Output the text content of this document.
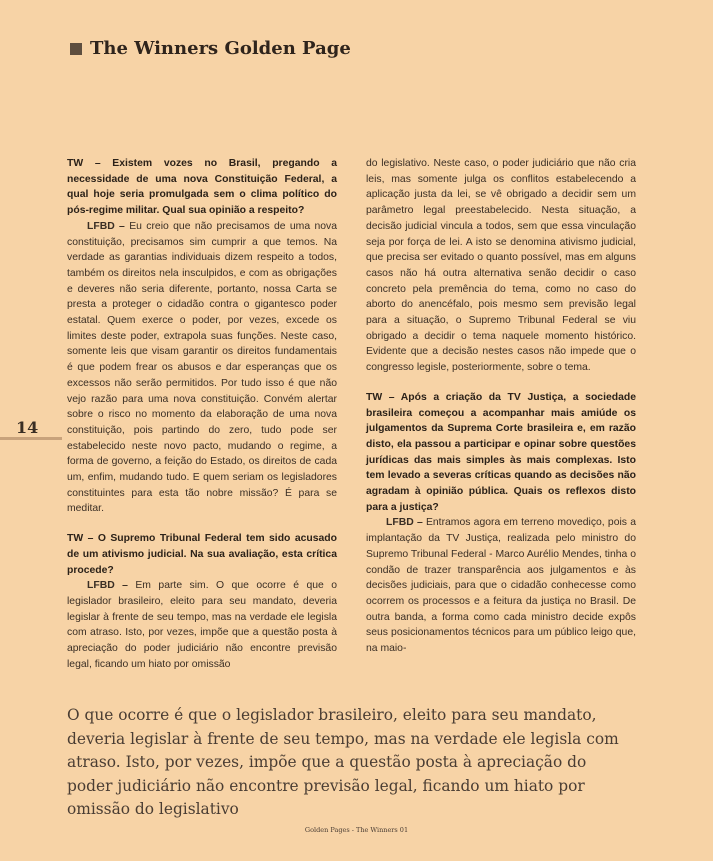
The Winners Golden Page
14

TW – Existem vozes no Brasil, pregando a necessidade de uma nova Constituição Federal, a qual hoje seria promulgada sem o clima político do pós-regime militar. Qual sua opinião a respeito?

LFBD – Eu creio que não precisamos de uma nova constituição, precisamos sim cumprir a que temos. Na verdade as garantias individuais dizem respeito a todos, também os direitos nela insculpidos, e com as obrigações e deveres não seria diferente, portanto, nossa Carta se presta a proteger o cidadão contra o gigantesco poder estatal. Quem exerce o poder, por vezes, excede os limites deste poder, extrapola suas funções. Neste caso, somente leis que visam garantir os direitos fundamentais é que podem frear os abusos e dar esperanças que os excessos não serão permitidos. Por tudo isso é que não vejo razão para uma nova constituição. Convém alertar sobre o risco no momento da elaboração de uma nova constituição, pois partindo do zero, tudo pode ser estabelecido neste novo pacto, mudando o regime, a forma de governo, a feição do Estado, os direitos de cada um, enfim, mudando tudo. E quem seriam os legisladores constituintes para esta tão nobre missão? É para se meditar.

TW – O Supremo Tribunal Federal tem sido acusado de um ativismo judicial. Na sua avaliação, esta crítica procede?

LFBD – Em parte sim. O que ocorre é que o legislador brasileiro, eleito para seu mandato, deveria legislar à frente de seu tempo, mas na verdade ele legisla com atraso. Isto, por vezes, impõe que a questão posta à apreciação do poder judiciário não encontre previsão legal, ficando um hiato por omissão

do legislativo. Neste caso, o poder judiciário que não cria leis, mas somente julga os conflitos estabelecendo a aplicação justa da lei, se vê obrigado a decidir sem um parâmetro legal preestabelecido. Nesta situação, a decisão judicial vincula a todos, sem que essa vinculação seja por força de lei. A isto se denomina ativismo judicial, que precisa ser evitado o quanto possível, mas em alguns casos não há outra alternativa senão decidir o caso concreto pela premência do tema, como no caso do aborto do anencéfalo, pois mesmo sem previsão legal para a situação, o Supremo Tribunal Federal se viu obrigado a decidir o tema naquele momento histórico. Evidente que a decisão nestes casos não impede que o congresso legisle, posteriormente, sobre o tema.

TW – Após a criação da TV Justiça, a sociedade brasileira começou a acompanhar mais amiúde os julgamentos da Suprema Corte brasileira e, em razão disto, ela passou a participar e opinar sobre questões jurídicas das mais simples às mais complexas. Isto tem levado a severas críticas quando as decisões não agradam à opinião pública. Quais os reflexos disto para a justiça?

LFBD – Entramos agora em terreno movediço, pois a implantação da TV Justiça, realizada pelo ministro do Supremo Tribunal Federal - Marco Aurélio Mendes, tinha o condão de trazer transparência aos julgamentos e às decisões judiciais, para que o cidadão conhecesse como ocorrem os processos e a feitura da justiça no Brasil. De outra banda, a forma como cada ministro decide expôs seus posicionamentos técnicos para um público leigo que, na maio-

O que ocorre é que o legislador brasileiro, eleito para seu mandato, deveria legislar à frente de seu tempo, mas na verdade ele legisla com atraso. Isto, por vezes, impõe que a questão posta à apreciação do poder judiciário não encontre previsão legal, ficando um hiato por omissão do legislativo
Golden Pages - The Winners 01
